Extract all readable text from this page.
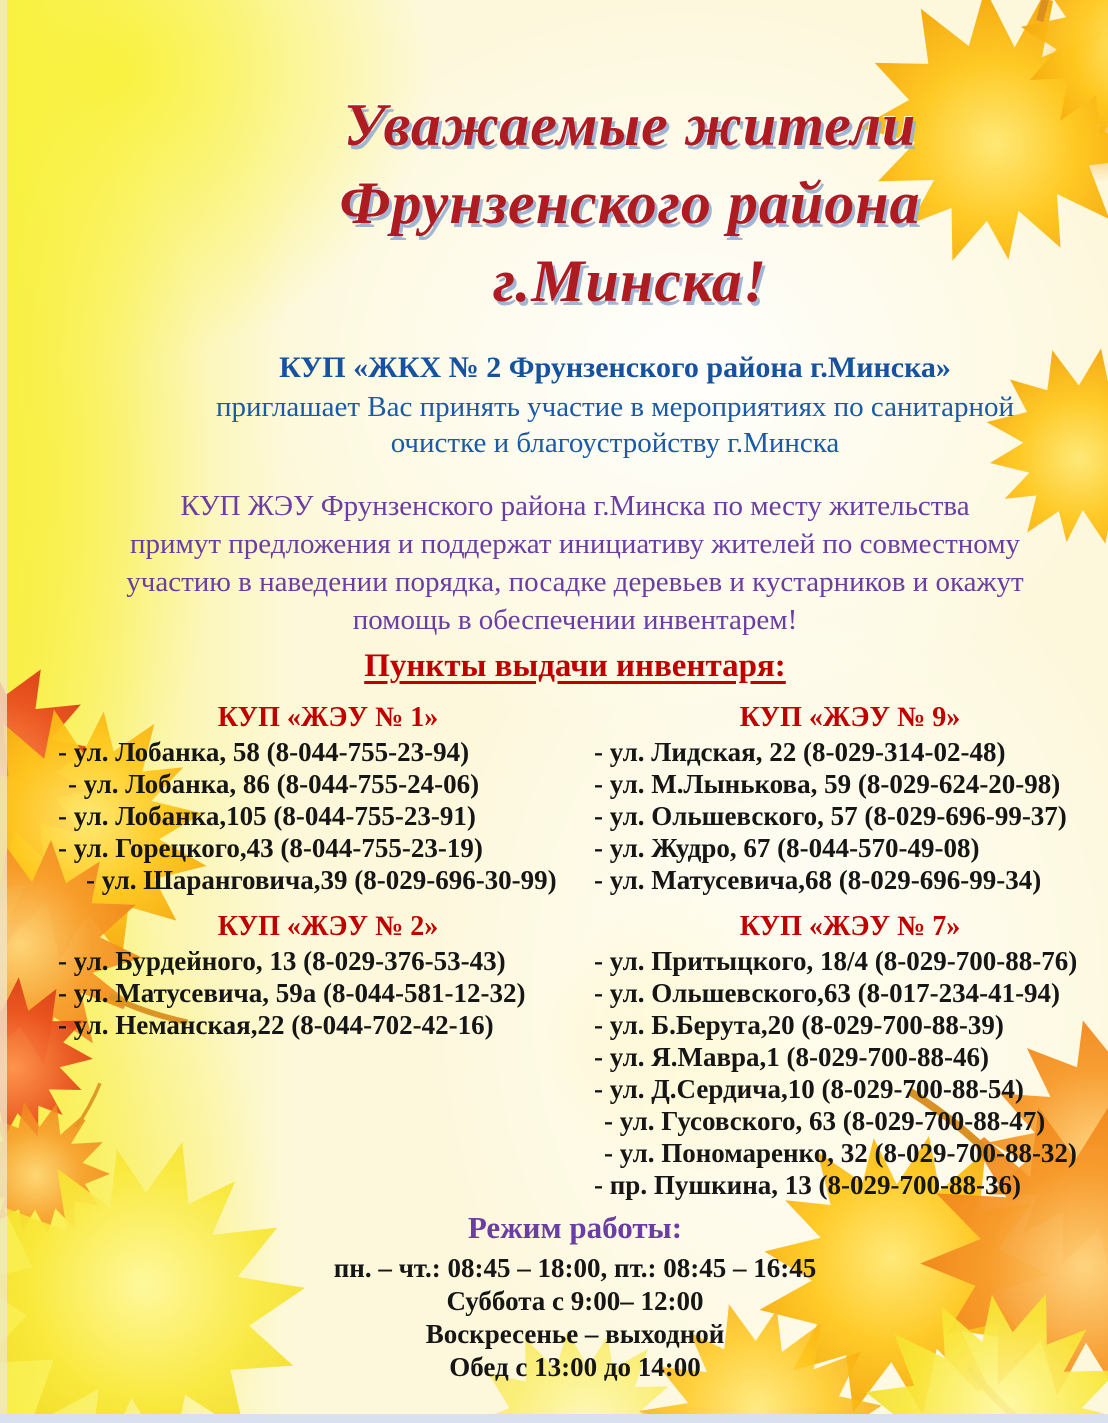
Уважаемые жители
Фрунзенского района
г.Минска!
КУП «ЖКХ № 2 Фрунзенского района г.Минска»
приглашает Вас принять участие в мероприятиях по санитарной
очистке и благоустройству г.Минска
КУП ЖЭУ Фрунзенского района г.Минска по месту жительства
примут предложения и поддержат инициативу жителей по совместному
участию в наведении порядка, посадке деревьев и кустарников и окажут
помощь в обеспечении инвентарем!
Пункты выдачи инвентаря:
КУП «ЖЭУ № 1»
- ул. Лобанка, 58 (8-044-755-23-94)
- ул. Лобанка, 86 (8-044-755-24-06)
- ул. Лобанка,105 (8-044-755-23-91)
- ул. Горецкого,43 (8-044-755-23-19)
- ул. Шаранговича,39 (8-029-696-30-99)
КУП «ЖЭУ № 9»
- ул. Лидская, 22 (8-029-314-02-48)
- ул. М.Лынькова, 59 (8-029-624-20-98)
- ул. Ольшевского, 57 (8-029-696-99-37)
- ул. Жудро, 67 (8-044-570-49-08)
- ул. Матусевича,68 (8-029-696-99-34)
КУП «ЖЭУ № 2»
- ул. Бурдейного, 13 (8-029-376-53-43)
- ул. Матусевича, 59а (8-044-581-12-32)
- ул. Неманская,22 (8-044-702-42-16)
КУП «ЖЭУ № 7»
- ул. Притыцкого, 18/4 (8-029-700-88-76)
- ул. Ольшевского,63 (8-017-234-41-94)
- ул. Б.Берута,20 (8-029-700-88-39)
- ул. Я.Мавра,1 (8-029-700-88-46)
- ул. Д.Сердича,10 (8-029-700-88-54)
- ул. Гусовского, 63 (8-029-700-88-47)
- ул. Пономаренко, 32 (8-029-700-88-32)
- пр. Пушкина, 13 (8-029-700-88-36)
Режим работы:
пн. – чт.: 08:45 – 18:00, пт.: 08:45 – 16:45
Суббота с 9:00– 12:00
Воскресенье – выходной
Обед с 13:00 до 14:00
